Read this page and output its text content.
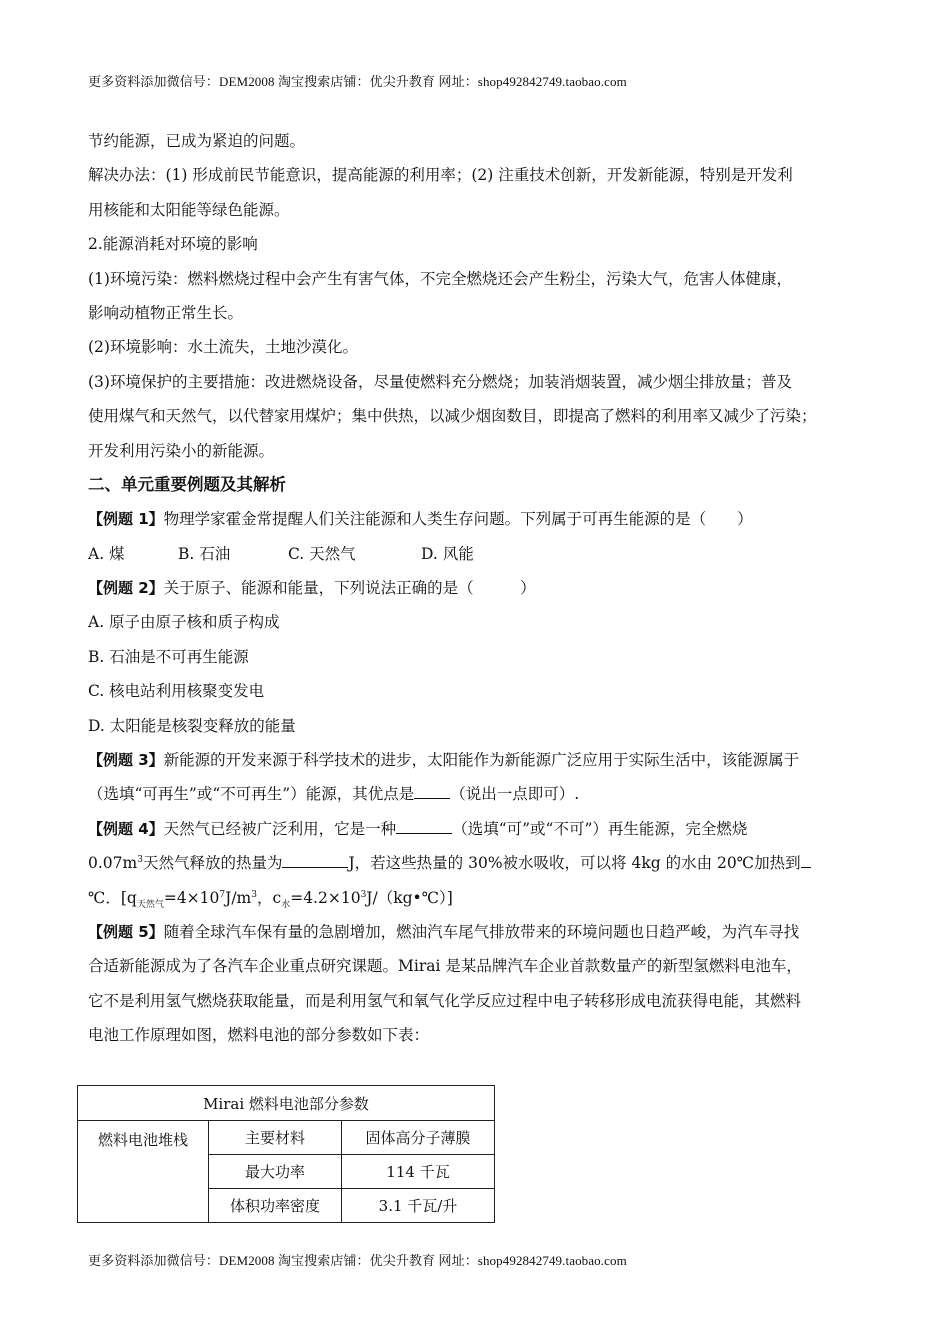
更多资料添加微信号：DEM2008 淘宝搜索店铺：优尖升教育 网址：shop492842749.taobao.com
节约能源，已成为紧迫的问题。
解决办法：(1) 形成前民节能意识，提高能源的利用率；(2) 注重技术创新，开发新能源，特别是开发利
用核能和太阳能等绿色能源。
2.能源消耗对环境的影响
(1)环境污染：燃料燃烧过程中会产生有害气体，不完全燃烧还会产生粉尘，污染大气，危害人体健康，
影响动植物正常生长。
(2)环境影响：水土流失，土地沙漠化。
(3)环境保护的主要措施：改进燃烧设备，尽量使燃料充分燃烧；加装消烟装置，减少烟尘排放量；普及
使用煤气和天然气，以代替家用煤炉；集中供热，以减少烟囱数目，即提高了燃料的利用率又减少了污染；
开发利用污染小的新能源。
二、单元重要例题及其解析
【例题 1】物理学家霍金常提醒人们关注能源和人类生存问题。下列属于可再生能源的是（　　）
A. 煤	B. 石油	C. 天然气	D. 风能
【例题 2】关于原子、能源和能量，下列说法正确的是（　　　）
A. 原子由原子核和质子构成
B. 石油是不可再生能源
C. 核电站利用核聚变发电
D. 太阳能是核裂变释放的能量
【例题 3】新能源的开发来源于科学技术的进步，太阳能作为新能源广泛应用于实际生活中，该能源属于
（选填“可再生”或“不可再生”）能源，其优点是 （说出一点即可）.
【例题 4】天然气已经被广泛利用，它是一种	（选填“可”或“不可”）再生能源，完全燃烧
$0.07m^3$天然气释放的热量为	J，若这些热量的 30%被水吸收，可以将 4kg 的水由 20℃加热到
℃．[$q_{天然气}=4\times 10^7J/m^3$，$c_水=4.2\times 10^3J/(kg•℃)$]
【例题 5】随着全球汽车保有量的急剧增加，燃油汽车尾气排放带来的环境问题也日趋严峻，为汽车寻找
合适新能源成为了各汽车企业重点研究课题。Mirai 是某品牌汽车企业首款数量产的新型氢燃料电池车，
它不是利用氢气燃烧获取能量，而是利用氢气和氧气化学反应过程中电子转移形成电流获得电能，其燃料
电池工作原理如图，燃料电池的部分参数如下表：
Mirai 燃料电池部分参数		
燃料电池堆栈	主要材料	固体高分子薄膜
	最大功率	114 千瓦
	体积功率密度	3.1 千瓦/升
更多资料添加微信号：DEM2008 淘宝搜索店铺：优尖升教育 网址：shop492842749.taobao.com
